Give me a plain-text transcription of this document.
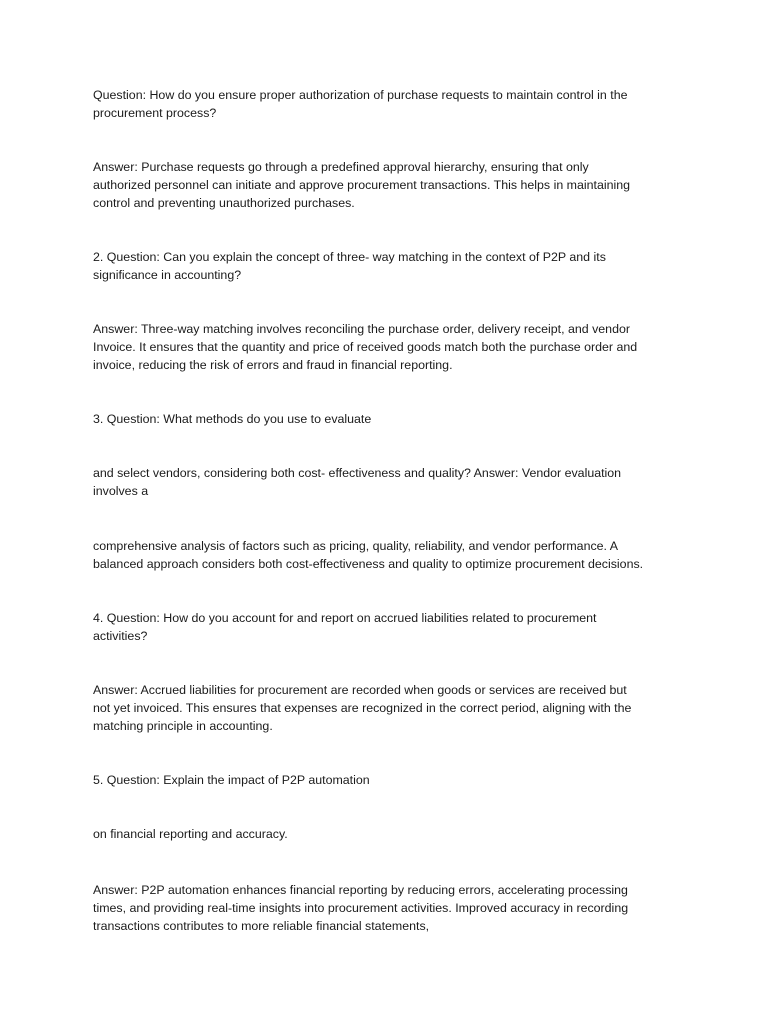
Question: How do you ensure proper authorization of purchase requests to maintain control in the
procurement process?

Answer: Purchase requests go through a predefined approval hierarchy, ensuring that only
authorized personnel can initiate and approve procurement transactions. This helps in maintaining
control and preventing unauthorized purchases.

2. Question: Can you explain the concept of three- way matching in the context of P2P and its
significance in accounting?

Answer: Three-way matching involves reconciling the purchase order, delivery receipt, and vendor
Invoice. It ensures that the quantity and price of received goods match both the purchase order and
invoice, reducing the risk of errors and fraud in financial reporting.

3. Question: What methods do you use to evaluate

and select vendors, considering both cost- effectiveness and quality? Answer: Vendor evaluation
involves a

comprehensive analysis of factors such as pricing, quality, reliability, and vendor performance. A
balanced approach considers both cost-effectiveness and quality to optimize procurement decisions.

4. Question: How do you account for and report on accrued liabilities related to procurement
activities?

Answer: Accrued liabilities for procurement are recorded when goods or services are received but
not yet invoiced. This ensures that expenses are recognized in the correct period, aligning with the
matching principle in accounting.

5. Question: Explain the impact of P2P automation

on financial reporting and accuracy.

Answer: P2P automation enhances financial reporting by reducing errors, accelerating processing
times, and providing real-time insights into procurement activities. Improved accuracy in recording
transactions contributes to more reliable financial statements,
